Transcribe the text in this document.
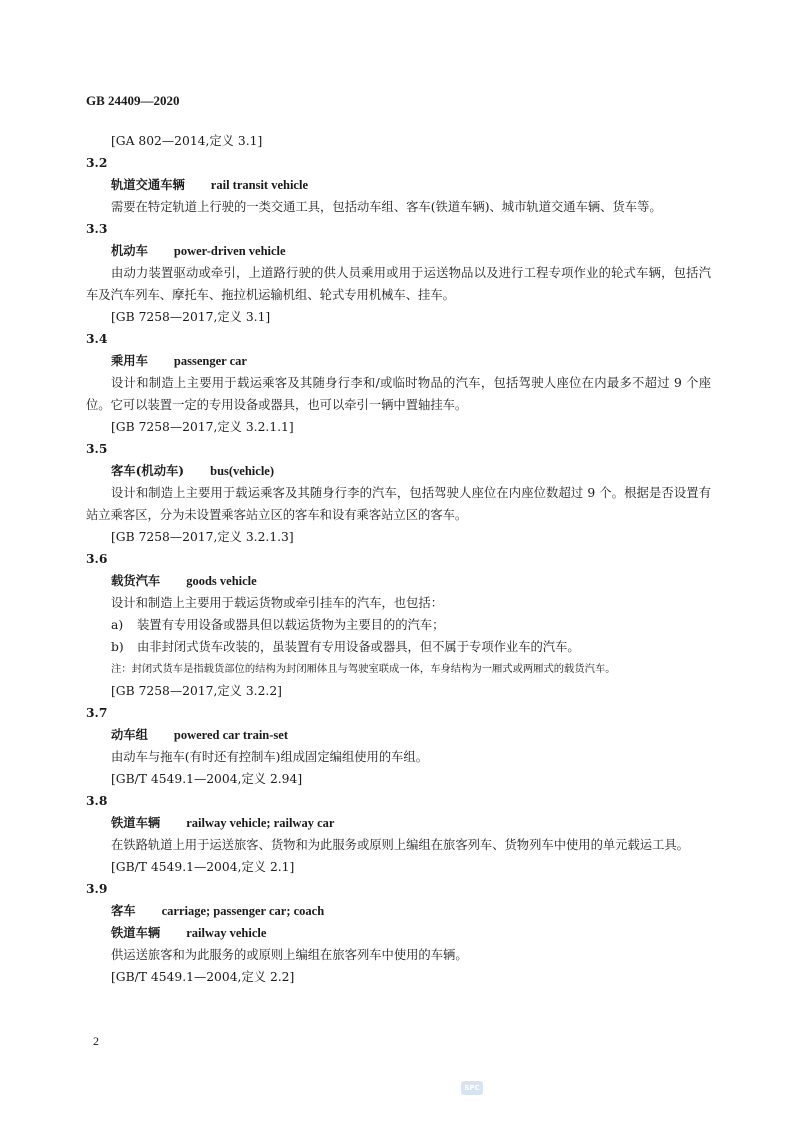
GB 24409—2020

[GA 802—2014,定义 3.1]

3.2

轨道交通车辆 rail transit vehicle

需要在特定轨道上行驶的一类交通工具，包括动车组、客车(铁道车辆)、城市轨道交通车辆、货车等。

3.3

机动车 power-driven vehicle

由动力装置驱动或牵引，上道路行驶的供人员乘用或用于运送物品以及进行工程专项作业的轮式车辆，包括汽车及汽车列车、摩托车、拖拉机运输机组、轮式专用机械车、挂车。

[GB 7258—2017,定义 3.1]

3.4

乘用车 passenger car

设计和制造上主要用于载运乘客及其随身行李和/或临时物品的汽车，包括驾驶人座位在内最多不超过 9 个座位。它可以装置一定的专用设备或器具，也可以牵引一辆中置轴挂车。

[GB 7258—2017,定义 3.2.1.1]

3.5

客车(机动车) bus(vehicle)

设计和制造上主要用于载运乘客及其随身行李的汽车，包括驾驶人座位在内座位数超过 9 个。根据是否设置有站立乘客区，分为未设置乘客站立区的客车和设有乘客站立区的客车。

[GB 7258—2017,定义 3.2.1.3]

3.6

载货汽车 goods vehicle

设计和制造上主要用于载运货物或牵引挂车的汽车，也包括：

a) 装置有专用设备或器具但以载运货物为主要目的的汽车；

b) 由非封闭式货车改装的，虽装置有专用设备或器具，但不属于专项作业车的汽车。

注：封闭式货车是指载货部位的结构为封闭厢体且与驾驶室联成一体，车身结构为一厢式或两厢式的载货汽车。

[GB 7258—2017,定义 3.2.2]

3.7

动车组 powered car train-set

由动车与拖车(有时还有控制车)组成固定编组使用的车组。

[GB/T 4549.1—2004,定义 2.94]

3.8

铁道车辆 railway vehicle; railway car

在铁路轨道上用于运送旅客、货物和为此服务或原则上编组在旅客列车、货物列车中使用的单元载运工具。

[GB/T 4549.1—2004,定义 2.1]

3.9

客车 carriage; passenger car; coach

铁道车辆 railway vehicle

供运送旅客和为此服务的或原则上编组在旅客列车中使用的车辆。

[GB/T 4549.1—2004,定义 2.2]

2
SPC
